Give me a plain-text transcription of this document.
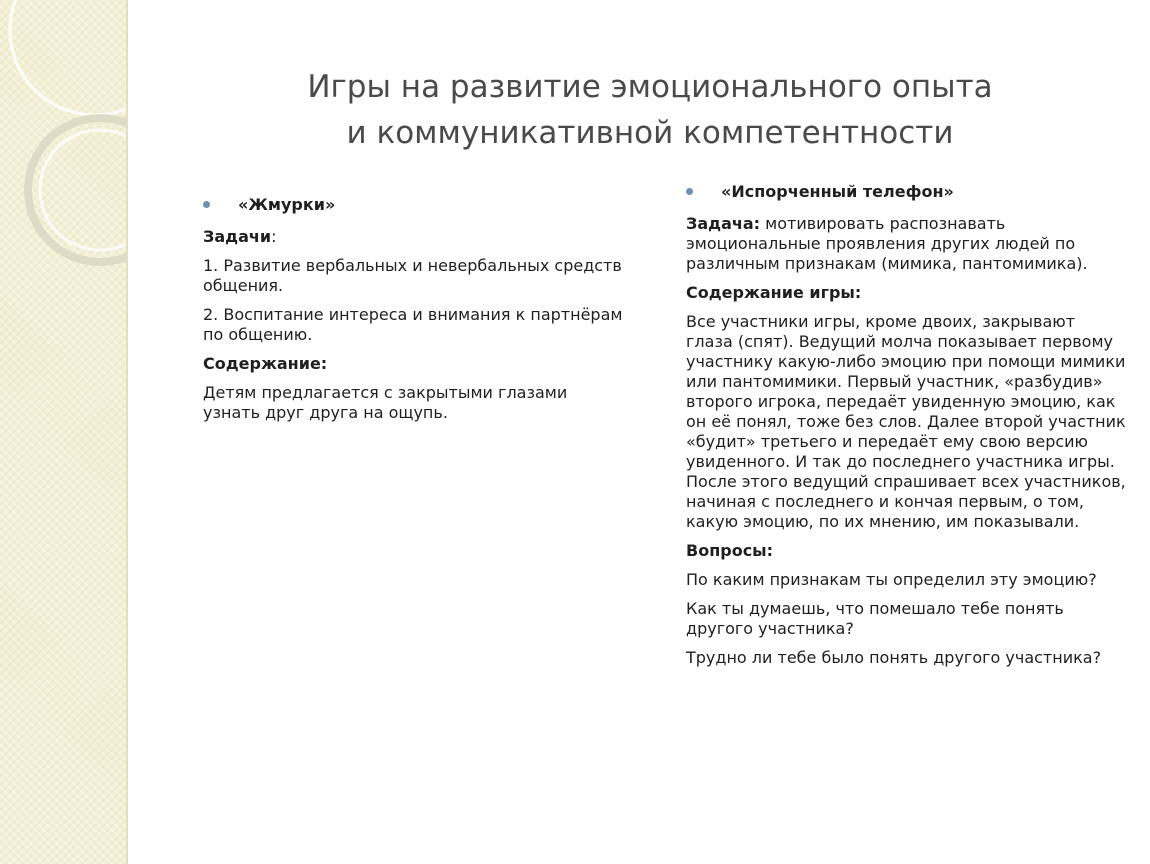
Игры на развитие эмоционального опыта
и коммуникативной компетентности
«Жмурки»

Задачи:

1. Развитие вербальных и невербальных средств общения.

2. Воспитание интереса и внимания к партнёрам по общению.

Содержание:

Детям предлагается с закрытыми глазами узнать друг друга на ощупь.

«Испорченный телефон»

Задача: мотивировать распознавать эмоциональные проявления других людей по различным признакам (мимика, пантомимика).

Содержание игры:

Все участники игры, кроме двоих, закрывают глаза (спят). Ведущий молча показывает первому участнику какую-либо эмоцию при помощи мимики или пантомимики. Первый участник, «разбудив» второго игрока, передаёт увиденную эмоцию, как он её понял, тоже без слов. Далее второй участник «будит» третьего и передаёт ему свою версию увиденного. И так до последнего участника игры. После этого ведущий спрашивает всех участников, начиная с последнего и кончая первым, о том, какую эмоцию, по их мнению, им показывали.

Вопросы:

По каким признакам ты определил эту эмоцию?

Как ты думаешь, что помешало тебе понять другого участника?

Трудно ли тебе было понять другого участника?
